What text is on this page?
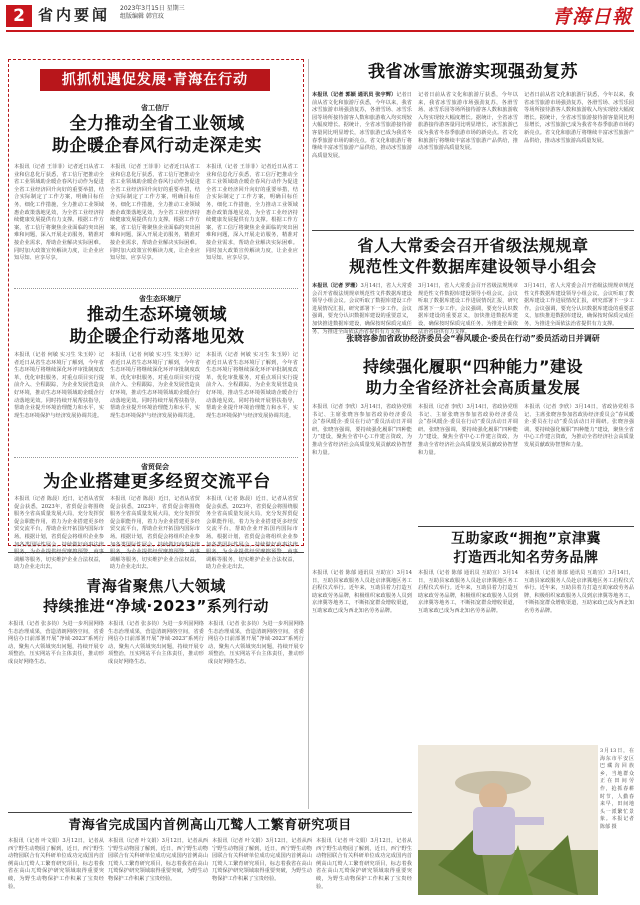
2 省内要闻 2023年3月15日 星期三
组版编辑 韩宜玟	青海日報
抓抓机遇促发展·青海在行动
省工信厅
全力推动全省工业领域
助企暖企春风行动走深走实
本报讯（记者 王菲菲）记者近日从省工业和信息化厅获悉，省工信厅把推动全省工业领域助企暖企春风行动作为促进全省工业经济回升向好的重要举措，结合实际制定了工作方案，明确目标任务，细化工作措施，全力推动工业领域惠企政策落地见效，为全省工业经济持续健康发展提供有力支撑。根据工作方案，省工信厅将聚焦企业面临的突出困难和问题，深入开展走访服务，精准对接企业需求，帮助企业解决实际困难。同时加大政策宣传解读力度，让企业应知尽知、应享尽享。
本报讯（记者 王菲菲）记者近日从省工业和信息化厅获悉，省工信厅把推动全省工业领域助企暖企春风行动作为促进全省工业经济回升向好的重要举措，结合实际制定了工作方案，明确目标任务，细化工作措施，全力推动工业领域惠企政策落地见效，为全省工业经济持续健康发展提供有力支撑。根据工作方案，省工信厅将聚焦企业面临的突出困难和问题，深入开展走访服务，精准对接企业需求，帮助企业解决实际困难。同时加大政策宣传解读力度，让企业应知尽知、应享尽享。
本报讯（记者 王菲菲）记者近日从省工业和信息化厅获悉，省工信厅把推动全省工业领域助企暖企春风行动作为促进全省工业经济回升向好的重要举措，结合实际制定了工作方案，明确目标任务，细化工作措施，全力推动工业领域惠企政策落地见效，为全省工业经济持续健康发展提供有力支撑。根据工作方案，省工信厅将聚焦企业面临的突出困难和问题，深入开展走访服务，精准对接企业需求，帮助企业解决实际困难。同时加大政策宣传解读力度，让企业应知尽知、应享尽享。
省生态环境厅
推动生态环境领域
助企暖企行动落地见效
本报讯（记者 何敏 实习生 朱玉婷）记者近日从省生态环境厅了解到，今年省生态环境厅将继续深化环评审批制度改革，优化审批服务，对重点项目实行提前介入、全程跟踪，为企业发展营造良好环境，推动生态环境领域助企暖企行动落地见效。同时持续开展帮扶指导，帮助企业提升环境治理能力和水平，实现生态环境保护与经济发展协调共进。
本报讯（记者 何敏 实习生 朱玉婷）记者近日从省生态环境厅了解到，今年省生态环境厅将继续深化环评审批制度改革，优化审批服务，对重点项目实行提前介入、全程跟踪，为企业发展营造良好环境，推动生态环境领域助企暖企行动落地见效。同时持续开展帮扶指导，帮助企业提升环境治理能力和水平，实现生态环境保护与经济发展协调共进。
本报讯（记者 何敏 实习生 朱玉婷）记者近日从省生态环境厅了解到，今年省生态环境厅将继续深化环评审批制度改革，优化审批服务，对重点项目实行提前介入、全程跟踪，为企业发展营造良好环境，推动生态环境领域助企暖企行动落地见效。同时持续开展帮扶指导，帮助企业提升环境治理能力和水平，实现生态环境保护与经济发展协调共进。
省贸促会
为企业搭建更多经贸交流平台
本报讯（记者 陈晨）近日，记者从省贸促会获悉，2023年，省贸促会将围绕服务全省高质量发展大局，充分发挥贸促会职能作用，着力为企业搭建更多经贸交流平台，帮助企业开拓国内国际市场。根据计划，省贸促会将组织企业参加各类国际性展会，持续做好商事法律 调解等服务，切实维护企业合法权益，助力企业走出去。
本报讯（记者 陈晨）近日，记者从省贸促会获悉，2023年，省贸促会将围绕服务全省高质量发展大局，充分发挥贸促会职能作用，着力为企业搭建更多经贸交流平台，帮助企业开拓国内国际市场。根据计划，省贸促会将组织企业参加各类国际性展会，持续做好商事法律 调解等服务，切实维护企业合法权益，助力企业走出去。
本报讯（记者 陈晨）近日，记者从省贸促会获悉，2023年，省贸促会将围绕服务全省高质量发展大局，充分发挥贸促会职能作用，着力为企业搭建更多经贸交流平台，帮助企业开拓国内国际市场。根据计划，省贸促会将组织企业参加各类国际性展会，持续做好商事法律 调解等服务，切实维护企业合法权益，助力企业走出去。
我省冰雪旅游实现强劲复苏
本报讯（记者 郭颖 通讯员 张宇辉）记者日前从省文化和旅游厅获悉，今年以来，我省冰雪旅游市场强劲复苏，各滑雪场、冰雪乐园等场所接待游客人数和旅游收入均实现较大幅度增长。据统计，全省冰雪旅游接待游客量同比明显增长，冰雪旅游已成为我省冬春季旅游市场的新亮点。省文化和旅游厅将继续丰富冰雪旅游产品供给，推动冰雪旅游高质量发展。
记者日前从省文化和旅游厅获悉，今年以来，我省冰雪旅游市场强劲复苏，各滑雪场、冰雪乐园等场所接待游客人数和旅游收入均实现较大幅度增长。据统计，全省冰雪旅游接待游客量同比明显增长，冰雪旅游已成为我省冬春季旅游市场的新亮点。省文化和旅游厅将继续丰富冰雪旅游产品供给，推动冰雪旅游高质量发展。
记者日前从省文化和旅游厅获悉，今年以来，我省冰雪旅游市场强劲复苏，各滑雪场、冰雪乐园等场所接待游客人数和旅游收入均实现较大幅度增长。据统计，全省冰雪旅游接待游客量同比明显增长，冰雪旅游已成为我省冬春季旅游市场的新亮点。省文化和旅游厅将继续丰富冰雪旅游产品供给，推动冰雪旅游高质量发展。
省人大常委会召开省级法规规章
规范性文件数据库建设领导小组会
本报讯（记者 罗珊）3月14日，省人大常委会召开省级法规规章规范性文件数据库建设领导小组会议。会议听取了数据库建设工作进展情况汇报，研究部署下一步工作。会议强调，要充分认识数据库建设的重要意义，加快推进数据库建设，确保按时保质完成任务，为推进全面依法治省提供有力支撑。
3月14日，省人大常委会召开省级法规规章规范性文件数据库建设领导小组会议。会议听取了数据库建设工作进展情况汇报，研究部署下一步工作。会议强调，要充分认识数据库建设的重要意义，加快推进数据库建设，确保按时保质完成任务，为推进全面依法治省提供有力支撑。
3月14日，省人大常委会召开省级法规规章规范性文件数据库建设领导小组会议。会议听取了数据库建设工作进展情况汇报，研究部署下一步工作。会议强调，要充分认识数据库建设的重要意义，加快推进数据库建设，确保按时保质完成任务，为推进全面依法治省提供有力支撑。
张晓容参加省政协经济委员会“春风暖企·委员在行动”委员活动日并调研
持续强化履职“四种能力”建设
助力全省经济社会高质量发展
本报讯（记者 李欣）3月14日，省政协党组书记、主席张晓容参加省政协经济委员会“春风暖企·委员在行动”委员活动日并调研。张晓容强调，要持续强化履职“四种能力”建设，聚焦全省中心工作建言资政，为推动全省经济社会高质量发展贡献政协智慧和力量。
本报讯（记者 李欣）3月14日，省政协党组书记、主席张晓容参加省政协经济委员会“春风暖企·委员在行动”委员活动日并调研。张晓容强调，要持续强化履职“四种能力”建设，聚焦全省中心工作建言资政，为推动全省经济社会高质量发展贡献政协智慧和力量。
本报讯（记者 李欣）3月14日，省政协党组书记、主席张晓容参加省政协经济委员会“春风暖企·委员在行动”委员活动日并调研。张晓容强调，要持续强化履职“四种能力”建设，聚焦全省中心工作建言资政，为推动全省经济社会高质量发展贡献政协智慧和力量。
互助家政“拥抱”京津冀
打造西北知名劳务品牌
本报讯（记者 陈郁 通讯员 互助宣）3月14日，互助县家政服务人员赴京津冀地区务工启程仪式举行。近年来，互助县着力打造互助家政劳务品牌，积极组织家政服务人员到京津冀等地务工，不断拓宽群众增收渠道，互助家政已成为西北知名劳务品牌。
本报讯（记者 陈郁 通讯员 互助宣）3月14日，互助县家政服务人员赴京津冀地区务工启程仪式举行。近年来，互助县着力打造互助家政劳务品牌，积极组织家政服务人员到京津冀等地务工，不断拓宽群众增收渠道，互助家政已成为西北知名劳务品牌。
本报讯（记者 陈郁 通讯员 互助宣）3月14日，互助县家政服务人员赴京津冀地区务工启程仪式举行。近年来，互助县着力打造互助家政劳务品牌，积极组织家政服务人员到京津冀等地务工，不断拓宽群众增收渠道，互助家政已成为西北知名劳务品牌。
3月13日，在海东市平安区巴藏沟回族乡，当地群众正在田间劳作，抢抓春耕时节，人勤春来早，田间地头一派繁忙景象。本报记者 陈郁 摄
青海省聚焦八大领域
持续推进“净域·2023”系列行动
本报讯（记者 张多钧）为进一步巩固网络生态治理成果，营造清朗网络空间，省委网信办日前部署开展“净域·2023”系列行动，聚焦八大领域突出问题，持续开展专项整治，压实网站平台主体责任，推动形成良好网络生态。
本报讯（记者 张多钧）为进一步巩固网络生态治理成果，营造清朗网络空间，省委网信办日前部署开展“净域·2023”系列行动，聚焦八大领域突出问题，持续开展专项整治，压实网站平台主体责任，推动形成良好网络生态。
本报讯（记者 张多钧）为进一步巩固网络生态治理成果，营造清朗网络空间，省委网信办日前部署开展“净域·2023”系列行动，聚焦八大领域突出问题，持续开展专项整治，压实网站平台主体责任，推动形成良好网络生态。
青海省完成国内首例高山兀鹫人工繁育研究项目
本报讯（记者 叶文娟）3月12日，记者从西宁野生动物园了解到，近日，西宁野生动物园联合有关科研单位成功完成国内首例高山兀鹫人工繁育研究项目，标志着我省在高山兀鹫保护研究领域取得重要突破，为野生动物保护工作积累了宝贵经验。
本报讯（记者 叶文娟）3月12日，记者从西宁野生动物园了解到，近日，西宁野生动物园联合有关科研单位成功完成国内首例高山兀鹫人工繁育研究项目，标志着我省在高山兀鹫保护研究领域取得重要突破，为野生动物保护工作积累了宝贵经验。
本报讯（记者 叶文娟）3月12日，记者从西宁野生动物园了解到，近日，西宁野生动物园联合有关科研单位成功完成国内首例高山兀鹫人工繁育研究项目，标志着我省在高山兀鹫保护研究领域取得重要突破，为野生动物保护工作积累了宝贵经验。
本报讯（记者 叶文娟）3月12日，记者从西宁野生动物园了解到，近日，西宁野生动物园联合有关科研单位成功完成国内首例高山兀鹫人工繁育研究项目，标志着我省在高山兀鹫保护研究领域取得重要突破，为野生动物保护工作积累了宝贵经验。
